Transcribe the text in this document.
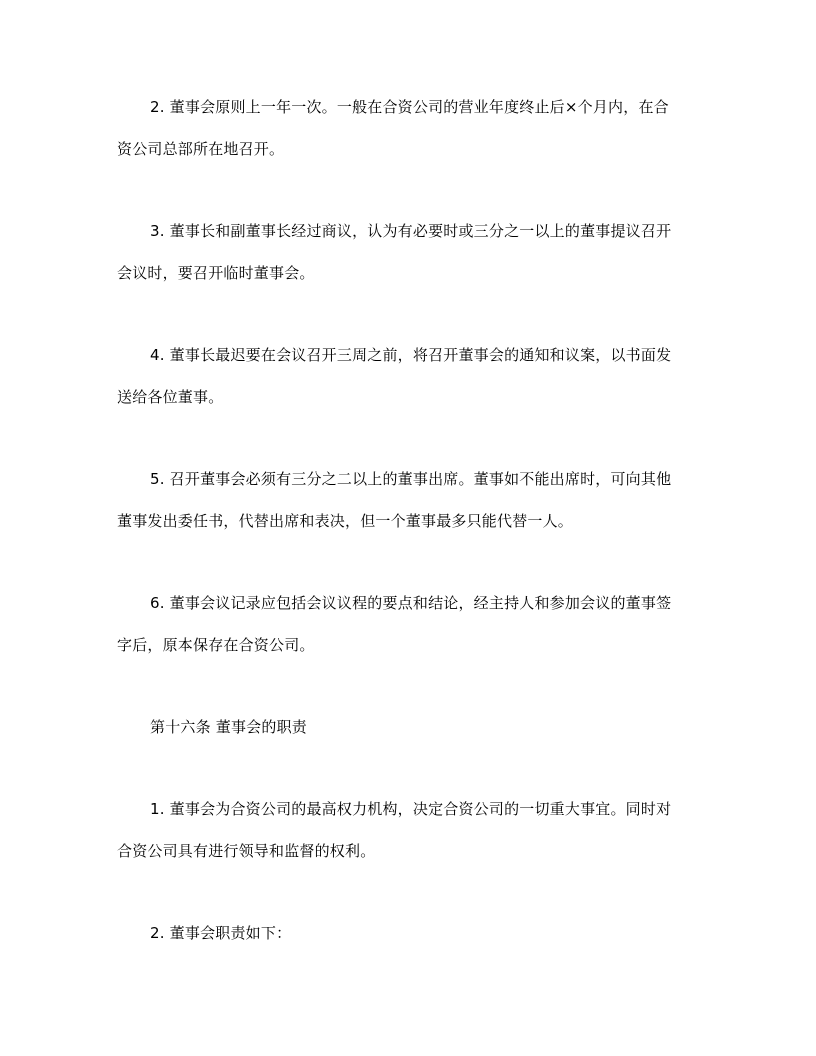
2. 董事会原则上一年一次。一般在合资公司的营业年度终止后×个月内，在合
资公司总部所在地召开。
3. 董事长和副董事长经过商议，认为有必要时或三分之一以上的董事提议召开
会议时，要召开临时董事会。
4. 董事长最迟要在会议召开三周之前，将召开董事会的通知和议案，以书面发
送给各位董事。
5. 召开董事会必须有三分之二以上的董事出席。董事如不能出席时，可向其他
董事发出委任书，代替出席和表决，但一个董事最多只能代替一人。
6. 董事会议记录应包括会议议程的要点和结论，经主持人和参加会议的董事签
字后，原本保存在合资公司。
第十六条 董事会的职责
1. 董事会为合资公司的最高权力机构，决定合资公司的一切重大事宜。同时对
合资公司具有进行领导和监督的权利。
2. 董事会职责如下：
